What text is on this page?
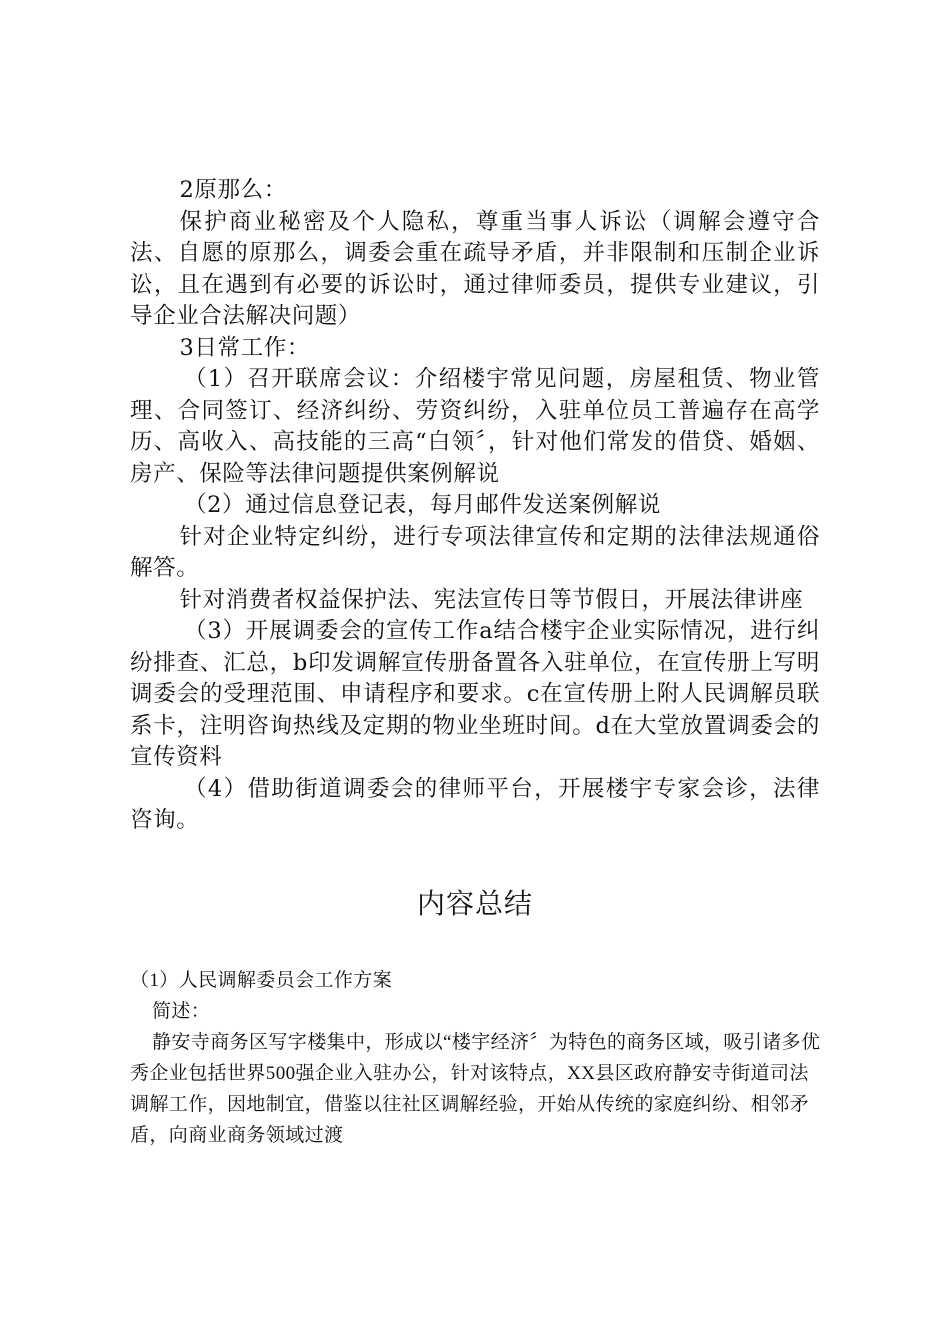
2原那么：

保护商业秘密及个人隐私，尊重当事人诉讼（调解会遵守合法、自愿的原那么，调委会重在疏导矛盾，并非限制和压制企业诉讼，且在遇到有必要的诉讼时，通过律师委员，提供专业建议，引导企业合法解决问题）

3日常工作：

（1）召开联席会议：介绍楼宇常见问题，房屋租赁、物业管理、合同签订、经济纠纷、劳资纠纷，入驻单位员工普遍存在高学历、高收入、高技能的三高“白领〞，针对他们常发的借贷、婚姻、房产、保险等法律问题提供案例解说

（2）通过信息登记表，每月邮件发送案例解说

针对企业特定纠纷，进行专项法律宣传和定期的法律法规通俗解答。

针对消费者权益保护法、宪法宣传日等节假日，开展法律讲座

（3）开展调委会的宣传工作a结合楼宇企业实际情况，进行纠纷排查、汇总，b印发调解宣传册备置各入驻单位，在宣传册上写明调委会的受理范围、申请程序和要求。c在宣传册上附人民调解员联系卡，注明咨询热线及定期的物业坐班时间。d在大堂放置调委会的宣传资料

（4）借助街道调委会的律师平台，开展楼宇专家会诊，法律咨询。

内容总结

（1）人民调解委员会工作方案

简述：

静安寺商务区写字楼集中，形成以“楼宇经济〞为特色的商务区域，吸引诸多优秀企业包括世界500强企业入驻办公，针对该特点，XX县区政府静安寺街道司法调解工作，因地制宜，借鉴以往社区调解经验，开始从传统的家庭纠纷、相邻矛盾，向商业商务领域过渡
